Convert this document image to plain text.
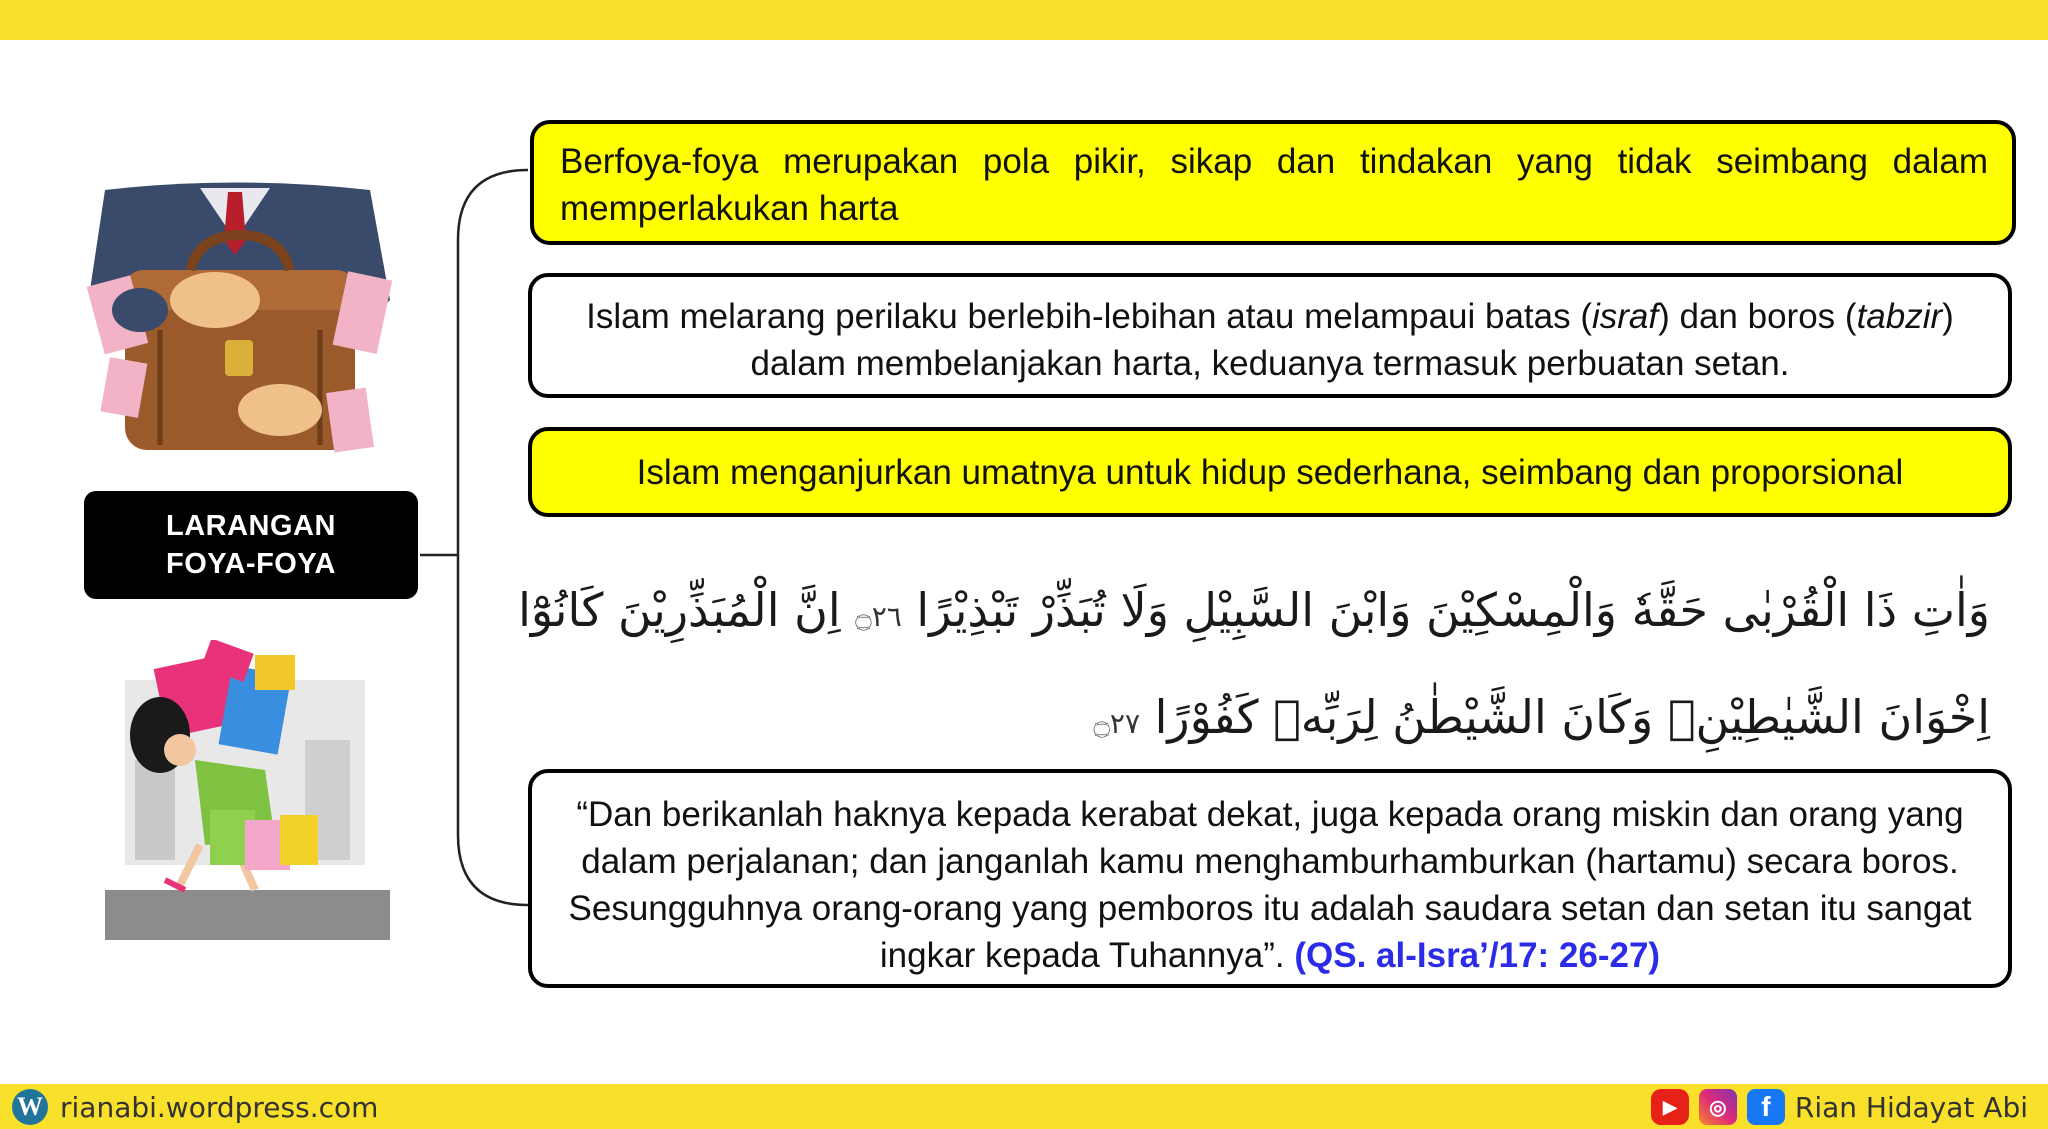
LARANGAN
FOYA-FOYA
Berfoya-foya merupakan pola pikir, sikap dan tindakan yang tidak seimbang dalam memperlakukan harta
Islam melarang perilaku berlebih-lebihan atau melampaui batas (israf) dan boros (tabzir) dalam membelanjakan harta, keduanya termasuk perbuatan setan.
Islam menganjurkan umatnya untuk hidup sederhana, seimbang dan proporsional

وَاٰتِ ذَا الْقُرْبٰى حَقَّهٗ وَالْمِسْكِيْنَ وَابْنَ السَّبِيْلِ وَلَا تُبَذِّرْ تَبْذِيْرًا ۝٢٦ اِنَّ الْمُبَذِّرِيْنَ كَانُوْٓا

اِخْوَانَ الشَّيٰطِيْنِۗ وَكَانَ الشَّيْطٰنُ لِرَبِّهٖ كَفُوْرًا ۝٢٧

“Dan berikanlah haknya kepada kerabat dekat, juga kepada orang miskin dan orang yang dalam perjalanan; dan janganlah kamu menghamburhamburkan (hartamu) secara boros. Sesungguhnya orang-orang yang pemboros itu adalah saudara setan dan setan itu sangat ingkar kepada Tuhannya”. (QS. al-Isra’/17: 26-27)
W rianabi.wordpress.com	▶	◎	f Rian Hidayat Abi
